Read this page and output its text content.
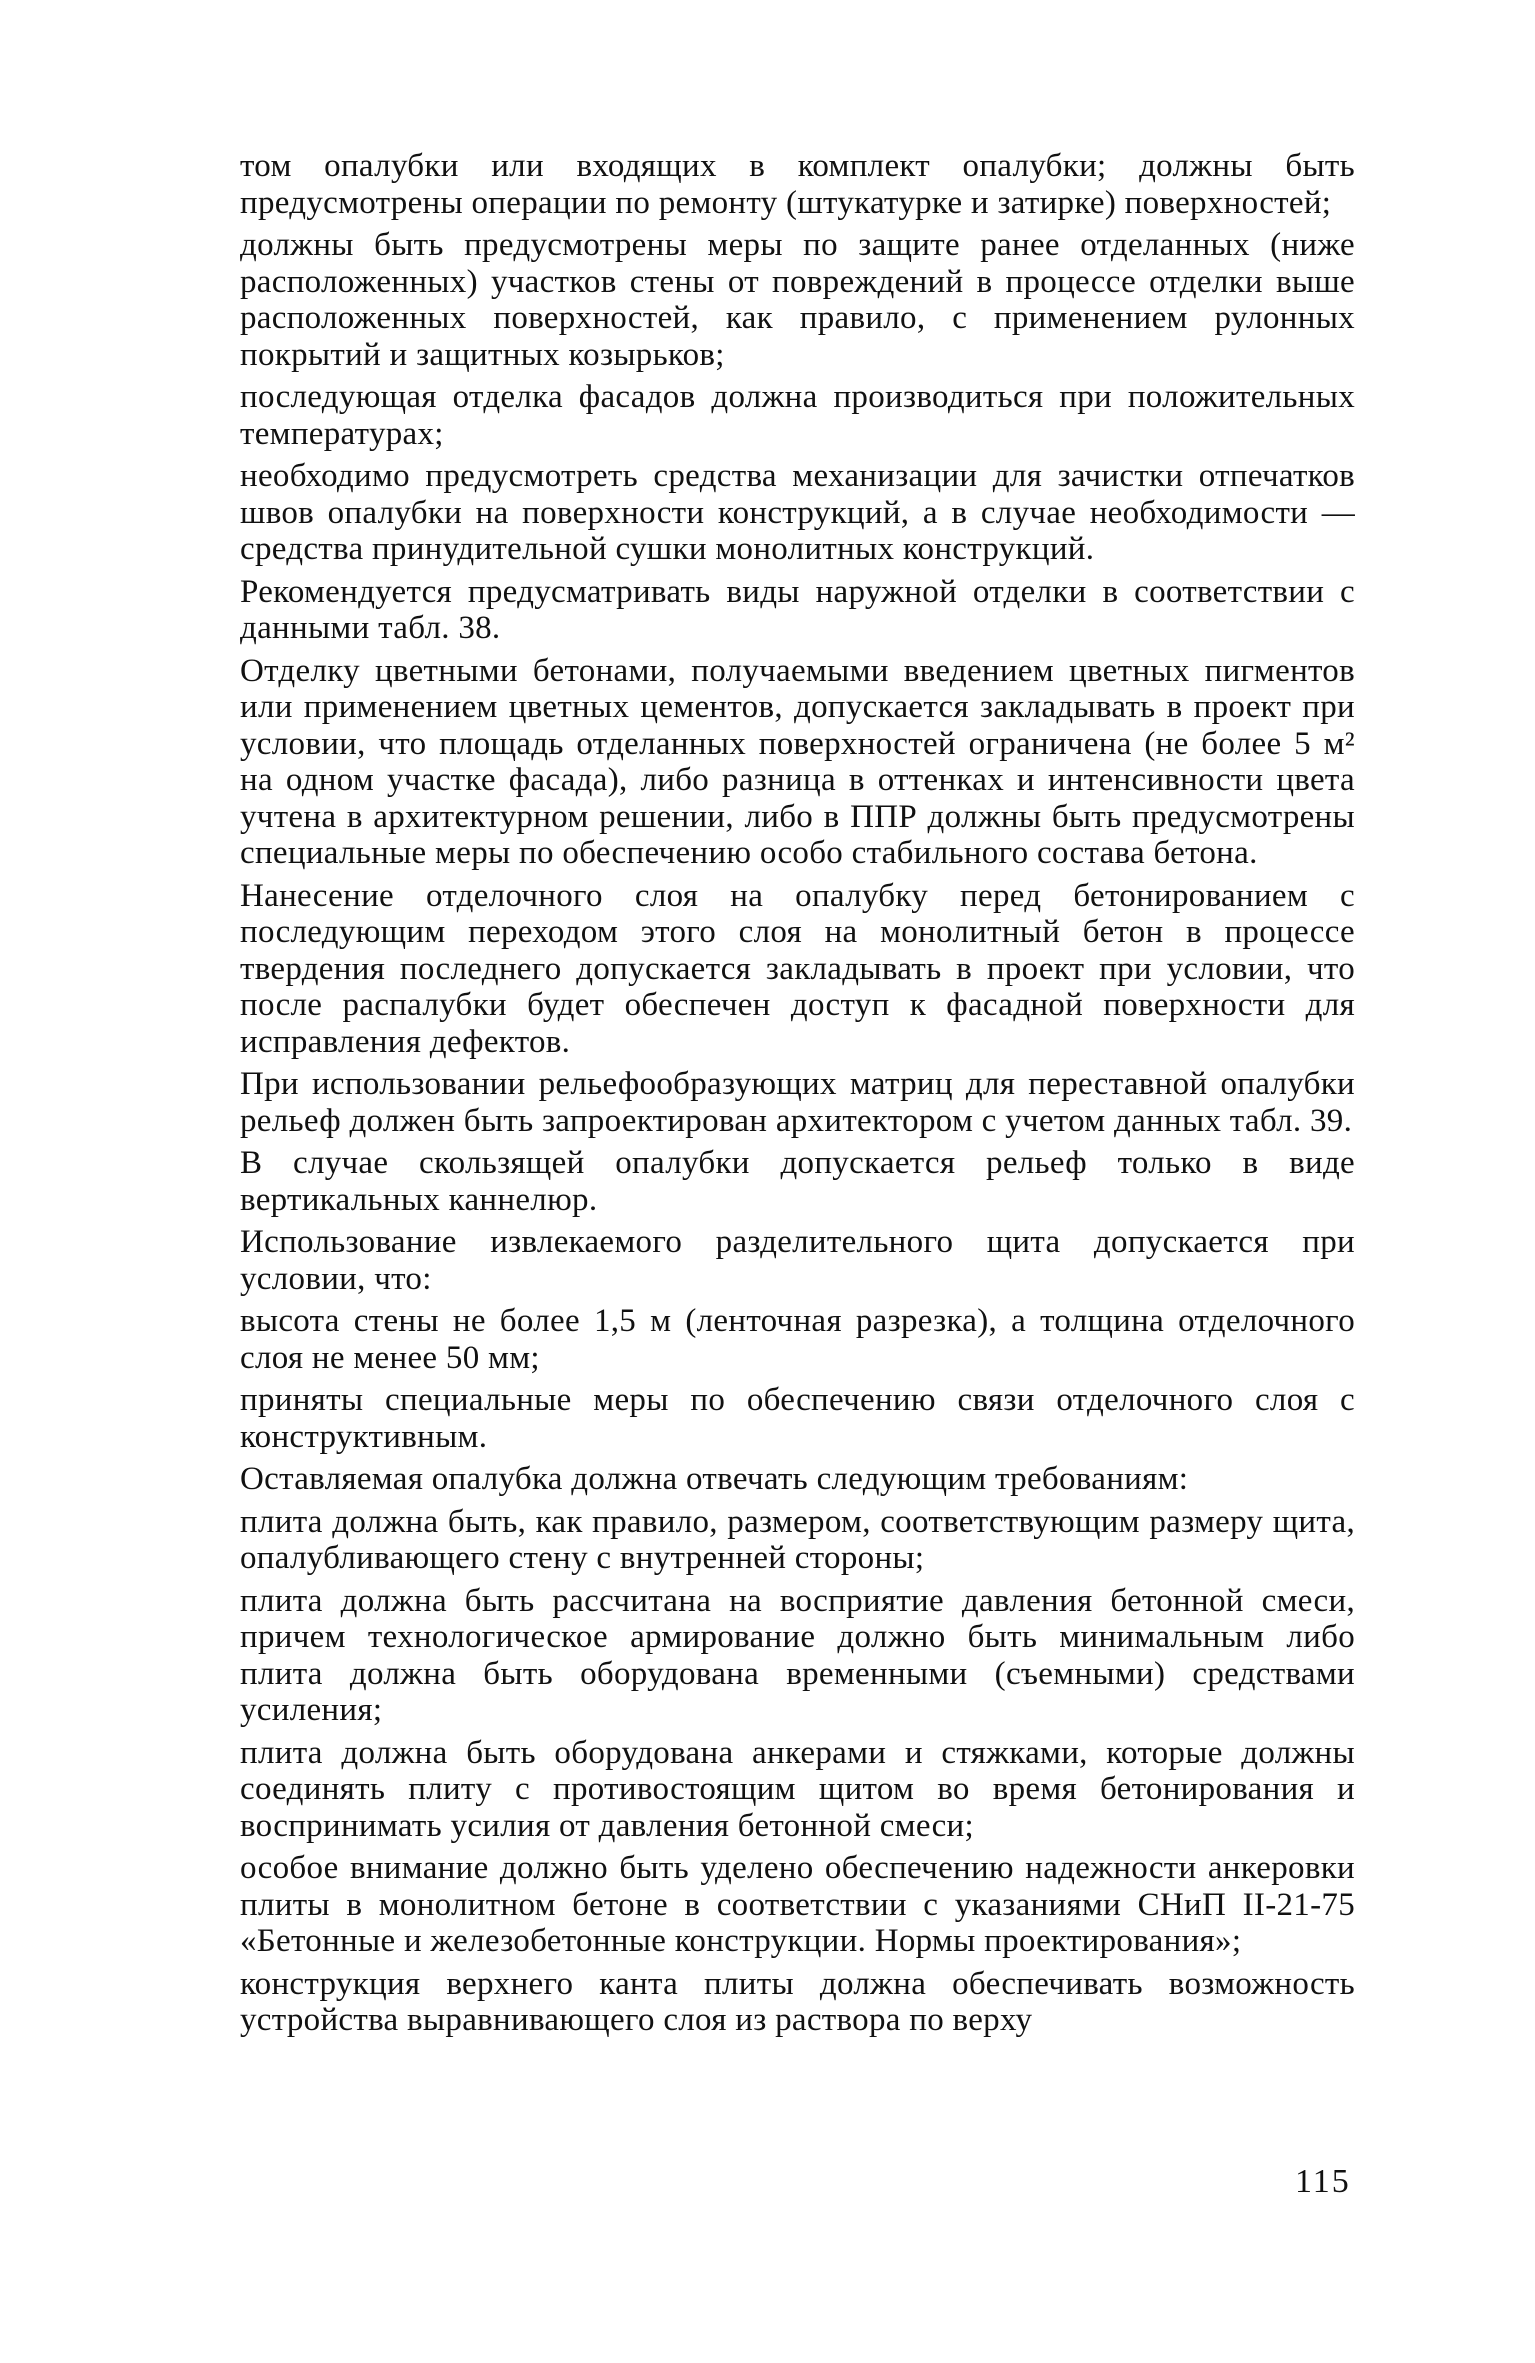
том опалубки или входящих в комплект опалубки; должны быть предусмотрены операции по ремонту (штукатурке и затирке) поверхностей;

должны быть предусмотрены меры по защите ранее отделанных (ниже расположенных) участков стены от повреждений в процессе отделки выше расположенных поверхностей, как правило, с применением рулонных покрытий и защитных козырьков;

последующая отделка фасадов должна производиться при положительных температурах;

необходимо предусмотреть средства механизации для зачистки отпечатков швов опалубки на поверхности конструкций, а в случае необходимости — средства принудительной сушки монолитных конструкций.

Рекомендуется предусматривать виды наружной отделки в соответствии с данными табл. 38.

Отделку цветными бетонами, получаемыми введением цветных пигментов или применением цветных цементов, допускается закладывать в проект при условии, что площадь отделанных поверхностей ограничена (не более 5 м² на одном участке фасада), либо разница в оттенках и интенсивности цвета учтена в архитектурном решении, либо в ППР должны быть предусмотрены специальные меры по обеспечению особо стабильного состава бетона.

Нанесение отделочного слоя на опалубку перед бетонированием с последующим переходом этого слоя на монолитный бетон в процессе твердения последнего допускается закладывать в проект при условии, что после распалубки будет обеспечен доступ к фасадной поверхности для исправления дефектов.

При использовании рельефообразующих матриц для переставной опалубки рельеф должен быть запроектирован архитектором с учетом данных табл. 39.

В случае скользящей опалубки допускается рельеф только в виде вертикальных каннелюр.

Использование извлекаемого разделительного щита допускается при условии, что:

высота стены не более 1,5 м (ленточная разрезка), а толщина отделочного слоя не менее 50 мм;

приняты специальные меры по обеспечению связи отделочного слоя с конструктивным.

Оставляемая опалубка должна отвечать следующим требованиям:

плита должна быть, как правило, размером, соответствующим размеру щита, опалубливающего стену с внутренней стороны;

плита должна быть рассчитана на восприятие давления бетонной смеси, причем технологическое армирование должно быть минимальным либо плита должна быть оборудована временными (съемными) средствами усиления;

плита должна быть оборудована анкерами и стяжками, которые должны соединять плиту с противостоящим щитом во время бетонирования и воспринимать усилия от давления бетонной смеси;

особое внимание должно быть уделено обеспечению надежности анкеровки плиты в монолитном бетоне в соответствии с указаниями СНиП II-21-75 «Бетонные и железобетонные конструкции. Нормы проектирования»;

конструкция верхнего канта плиты должна обеспечивать возможность устройства выравнивающего слоя из раствора по верху

115
